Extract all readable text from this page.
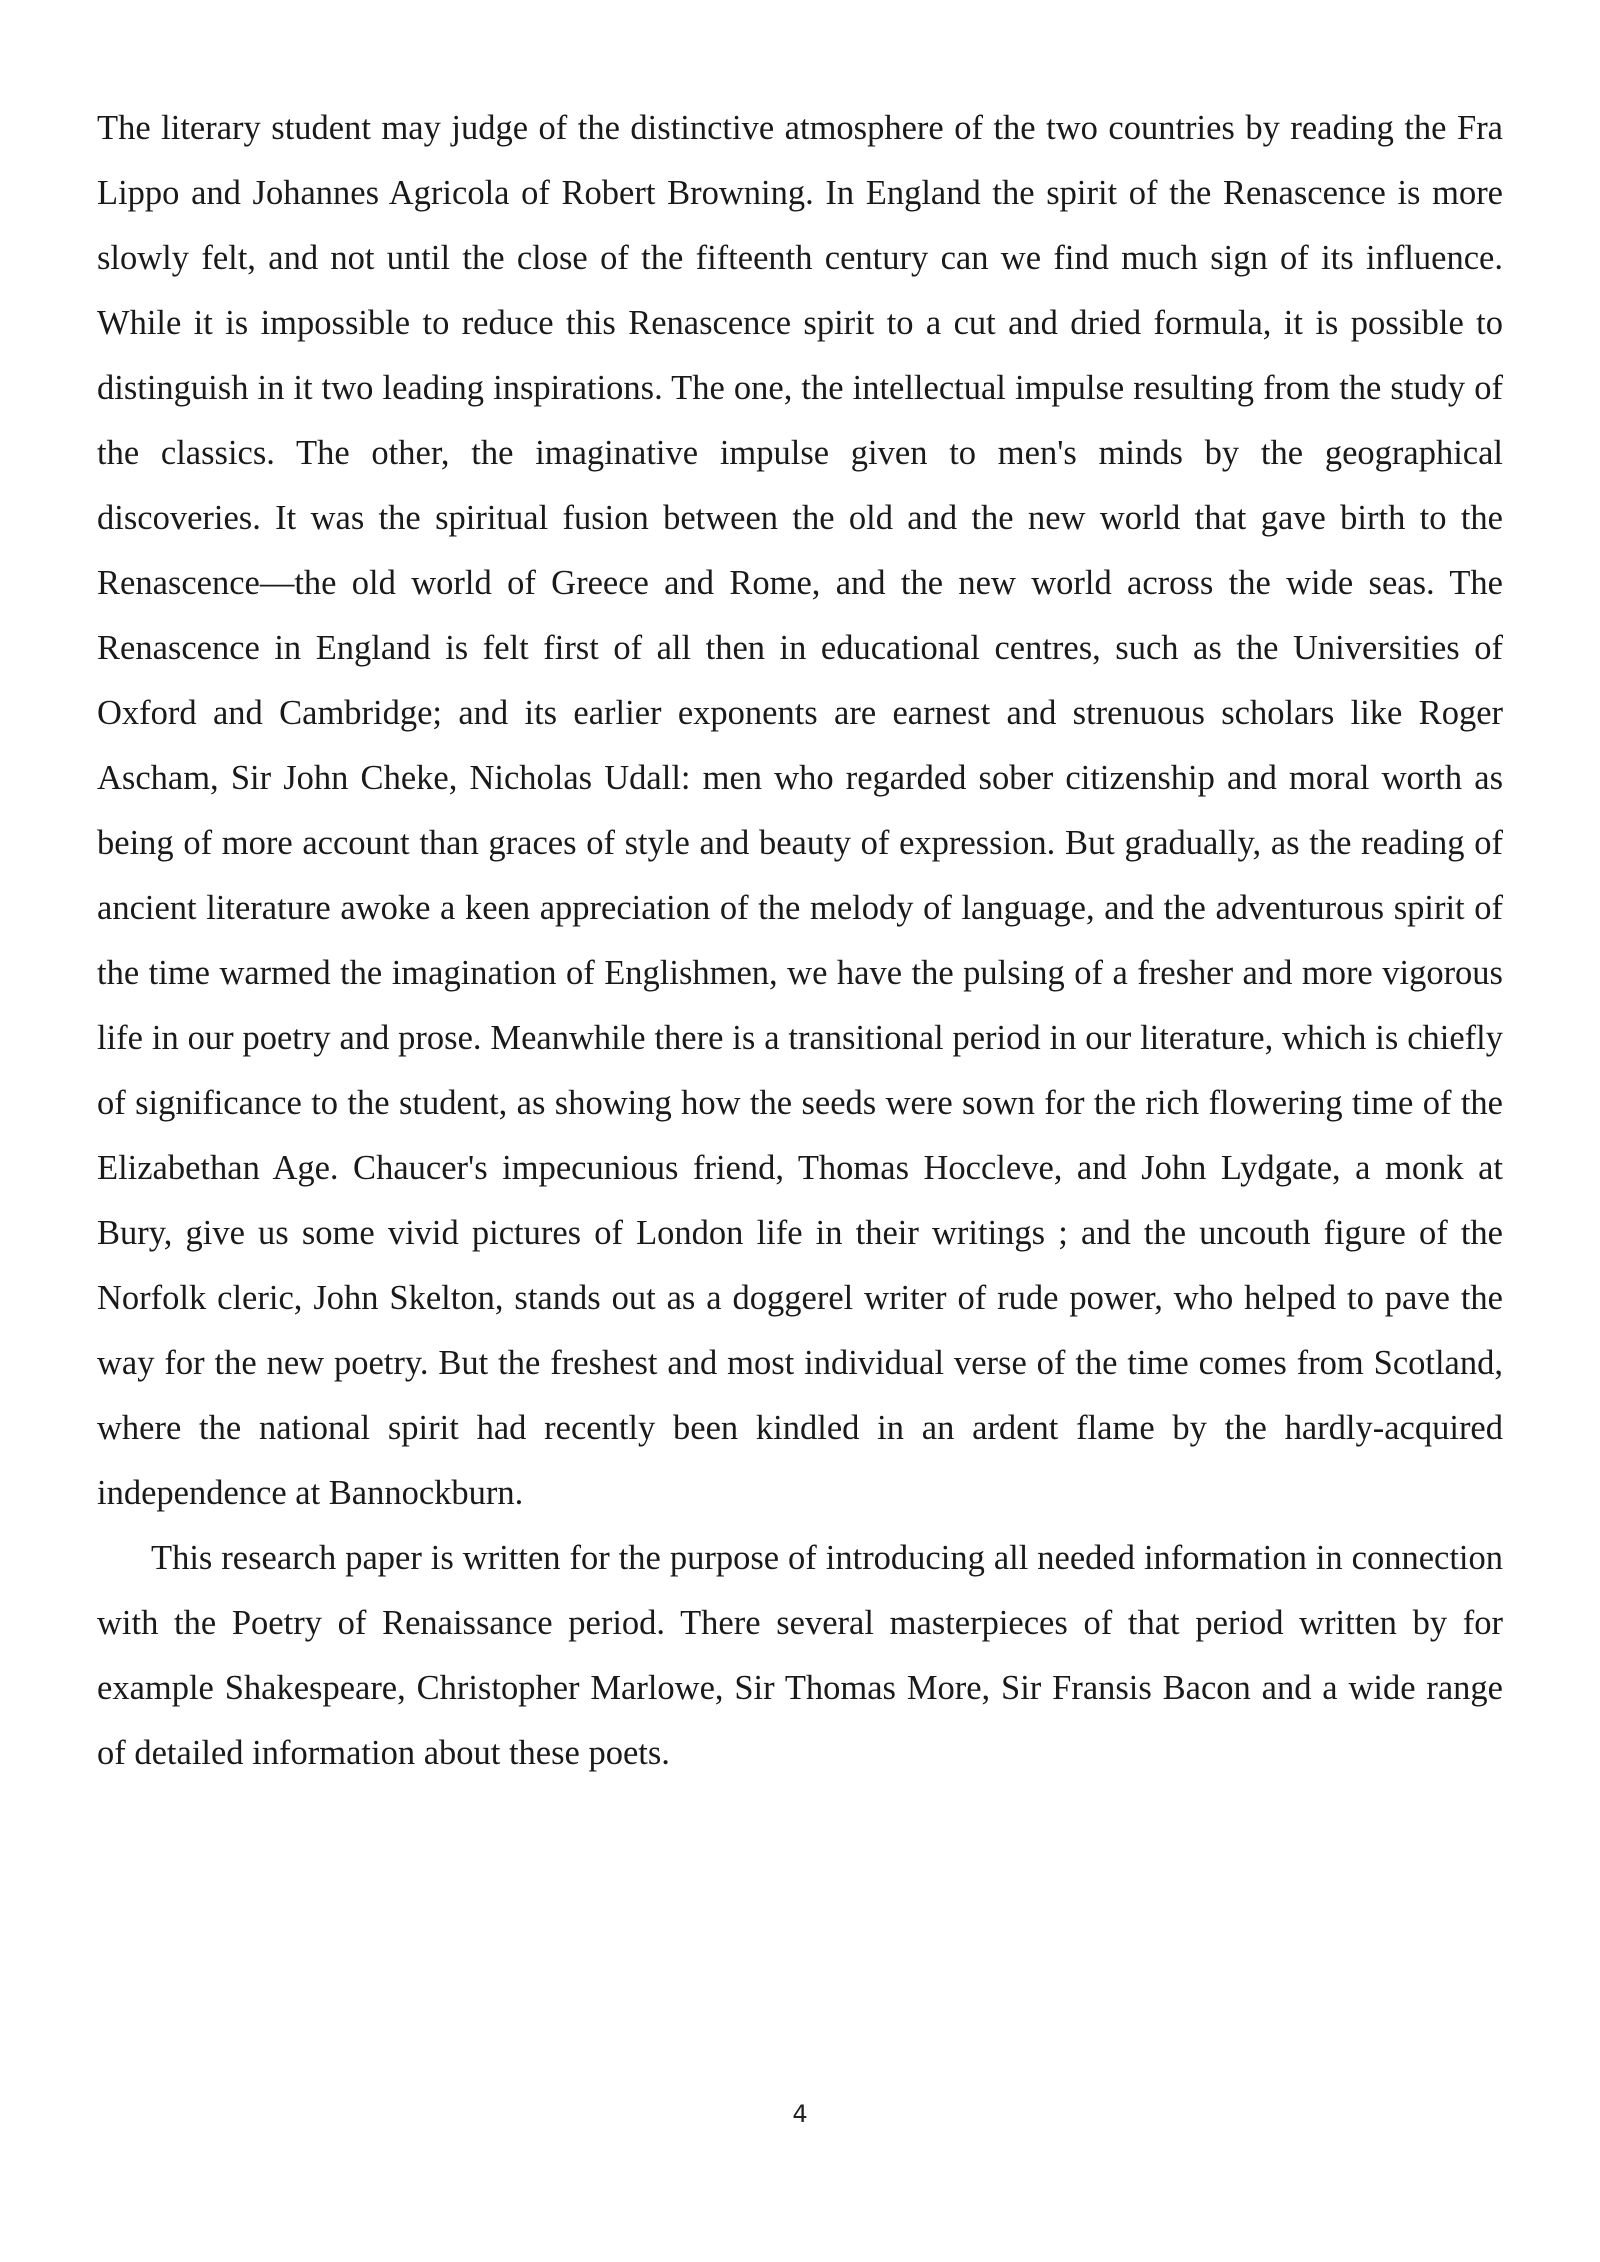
The literary student may judge of the distinctive atmosphere of the two countries by reading the Fra Lippo and Johannes Agricola of Robert Browning. In England the spirit of the Renascence is more slowly felt, and not until the close of the fifteenth century can we find much sign of its influence. While it is impossible to reduce this Renascence spirit to a cut and dried formula, it is possible to distinguish in it two leading inspirations. The one, the intellectual impulse resulting from the study of the classics. The other, the imaginative impulse given to men's minds by the geographical discoveries. It was the spiritual fusion between the old and the new world that gave birth to the Renascence—the old world of Greece and Rome, and the new world across the wide seas. The Renascence in England is felt first of all then in educational centres, such as the Universities of Oxford and Cambridge; and its earlier exponents are earnest and strenuous scholars like Roger Ascham, Sir John Cheke, Nicholas Udall: men who regarded sober citizenship and moral worth as being of more account than graces of style and beauty of expression. But gradually, as the reading of ancient literature awoke a keen appreciation of the melody of language, and the adventurous spirit of the time warmed the imagination of Englishmen, we have the pulsing of a fresher and more vigorous life in our poetry and prose. Meanwhile there is a transitional period in our literature, which is chiefly of significance to the student, as showing how the seeds were sown for the rich flowering time of the Elizabethan Age. Chaucer's impecunious friend, Thomas Hoccleve, and John Lydgate, a monk at Bury, give us some vivid pictures of London life in their writings ; and the uncouth figure of the Norfolk cleric, John Skelton, stands out as a doggerel writer of rude power, who helped to pave the way for the new poetry. But the freshest and most individual verse of the time comes from Scotland, where the national spirit had recently been kindled in an ardent flame by the hardly-acquired independence at Bannockburn.

This research paper is written for the purpose of introducing all needed information in connection with the Poetry of Renaissance period. There several masterpieces of that period written by for example Shakespeare, Christopher Marlowe, Sir Thomas More, Sir Fransis Bacon and a wide range of detailed information about these poets.

4
